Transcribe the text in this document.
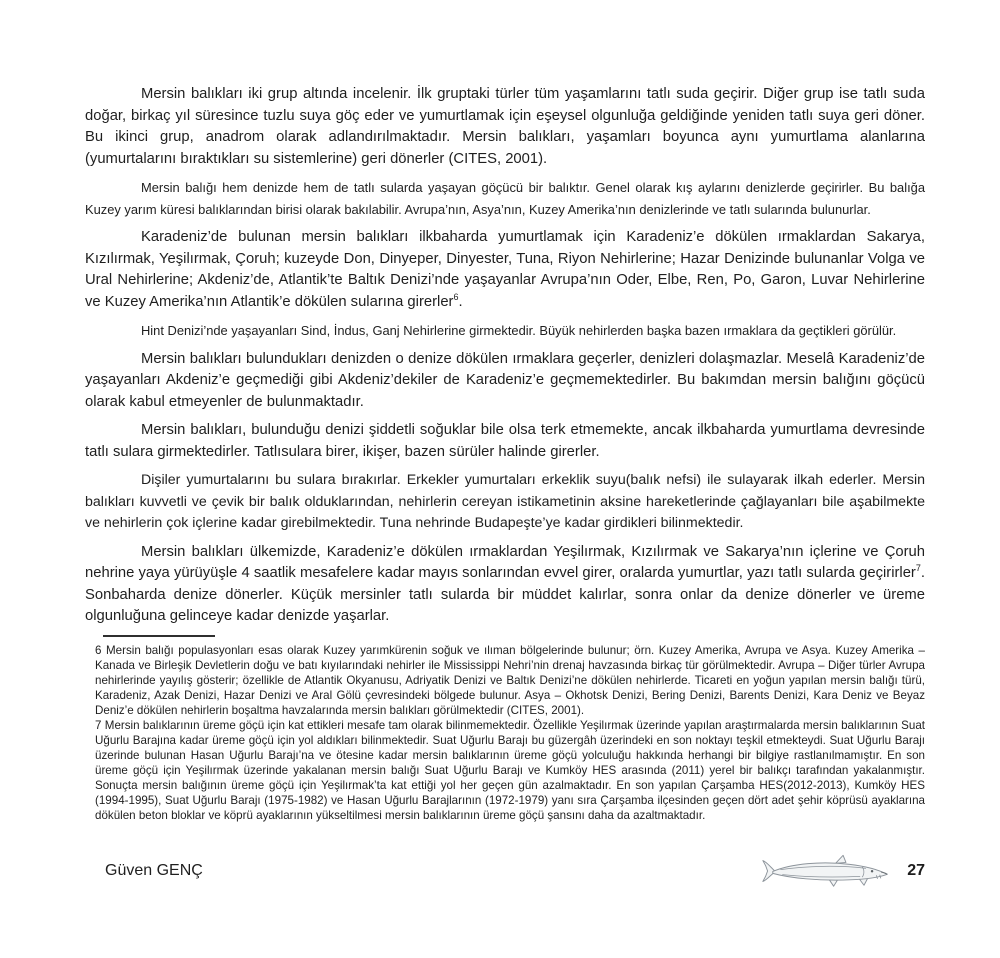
Mersin balıkları iki grup altında incelenir. İlk gruptaki türler tüm yaşamlarını tatlı suda geçirir. Diğer grup ise tatlı suda doğar, birkaç yıl süresince tuzlu suya göç eder ve yumurtlamak için eşeysel olgunluğa geldiğinde yeniden tatlı suya geri döner. Bu ikinci grup, anadrom olarak adlandırılmaktadır. Mersin balıkları, yaşamları boyunca aynı yumurtlama alanlarına (yumurtalarını bıraktıkları su sistemlerine) geri dönerler (CITES, 2001).

Mersin balığı hem denizde hem de tatlı sularda yaşayan göçücü bir balıktır. Genel olarak kış aylarını denizlerde geçirirler. Bu balığa Kuzey yarım küresi balıklarından birisi olarak bakılabilir. Avrupa’nın, Asya’nın, Kuzey Amerika’nın denizlerinde ve tatlı sularında bulunurlar.

Karadeniz’de bulunan mersin balıkları ilkbaharda yumurtlamak için Karadeniz’e dökülen ırmaklardan Sakarya, Kızılırmak, Yeşilırmak, Çoruh; kuzeyde Don, Dinyeper, Dinyester, Tuna, Riyon Nehirlerine; Hazar Denizinde bulunanlar Volga ve Ural Nehirlerine; Akdeniz’de, Atlantik’te Baltık Denizi’nde yaşayanlar Avrupa’nın Oder, Elbe, Ren, Po, Garon, Luvar Nehirlerine ve Kuzey Amerika’nın Atlantik’e dökülen sularına girerler$^6$.

Hint Denizi’nde yaşayanları Sind, İndus, Ganj Nehirlerine girmektedir. Büyük nehirlerden başka bazen ırmaklara da geçtikleri görülür.

Mersin balıkları bulundukları denizden o denize dökülen ırmaklara geçerler, denizleri dolaşmazlar. Meselâ Karadeniz’de yaşayanları Akdeniz’e geçmediği gibi Akdeniz’dekiler de Karadeniz’e geçmemektedirler. Bu bakımdan mersin balığını göçücü olarak kabul etmeyenler de bulunmaktadır.

Mersin balıkları, bulunduğu denizi şiddetli soğuklar bile olsa terk etmemekte, ancak ilkbaharda yumurtlama devresinde tatlı sulara girmektedirler. Tatlısulara birer, ikişer, bazen sürüler halinde girerler.

Dişiler yumurtalarını bu sulara bırakırlar. Erkekler yumurtaları erkeklik suyu(balık nefsi) ile sulayarak ilkah ederler. Mersin balıkları kuvvetli ve çevik bir balık olduklarından, nehirlerin cereyan istikametinin aksine hareketlerinde çağlayanları bile aşabilmekte ve nehirlerin çok içlerine kadar girebilmektedir. Tuna nehrinde Budapeşte’ye kadar girdikleri bilinmektedir.

Mersin balıkları ülkemizde, Karadeniz’e dökülen ırmaklardan Yeşilırmak, Kızılırmak ve Sakarya’nın içlerine ve Çoruh nehrine yaya yürüyüşle 4 saatlik mesafelere kadar mayıs sonlarından evvel girer, oralarda yumurtlar, yazı tatlı sularda geçirirler$^7$. Sonbaharda denize dönerler. Küçük mersinler tatlı sularda bir müddet kalırlar, sonra onlar da denize dönerler ve üreme olgunluğuna gelinceye kadar denizde yaşarlar.

6 Mersin balığı populasyonları esas olarak Kuzey yarımkürenin soğuk ve ılıman bölgelerinde bulunur; örn. Kuzey Amerika, Avrupa ve Asya. Kuzey Amerika – Kanada ve Birleşik Devletlerin doğu ve batı kıyılarındaki nehirler ile Mississippi Nehri’nin drenaj havzasında birkaç tür görülmektedir. Avrupa – Diğer türler Avrupa nehirlerinde yayılış gösterir; özellikle de Atlantik Okyanusu, Adriyatik Denizi ve Baltık Denizi’ne dökülen nehirlerde. Ticareti en yoğun yapılan mersin balığı türü, Karadeniz, Azak Denizi, Hazar Denizi ve Aral Gölü çevresindeki bölgede bulunur. Asya – Okhotsk Denizi, Bering Denizi, Barents Denizi, Kara Deniz ve Beyaz Deniz’e dökülen nehirlerin boşaltma havzalarında mersin balıkları görülmektedir (CITES, 2001).

7 Mersin balıklarının üreme göçü için kat ettikleri mesafe tam olarak bilinmemektedir. Özellikle Yeşilırmak üzerinde yapılan araştırmalarda mersin balıklarının Suat Uğurlu Barajına kadar üreme göçü için yol aldıkları bilinmektedir. Suat Uğurlu Barajı bu güzergâh üzerindeki en son noktayı teşkil etmekteydi. Suat Uğurlu Barajı üzerinde bulunan Hasan Uğurlu Barajı’na ve ötesine kadar mersin balıklarının üreme göçü yolculuğu hakkında herhangi bir bilgiye rastlanılmamıştır. En son üreme göçü için Yeşilırmak üzerinde yakalanan mersin balığı Suat Uğurlu Barajı ve Kumköy HES arasında (2011) yerel bir balıkçı tarafından yakalanmıştır. Sonuçta mersin balığının üreme göçü için Yeşilırmak’ta kat ettiği yol her geçen gün azalmaktadır. En son yapılan Çarşamba HES(2012-2013), Kumköy HES (1994-1995), Suat Uğurlu Barajı (1975-1982) ve Hasan Uğurlu Barajlarının (1972-1979) yanı sıra Çarşamba ilçesinden geçen dört adet şehir köprüsü ayaklarına dökülen beton bloklar ve köprü ayaklarının yükseltilmesi mersin balıklarının üreme göçü şansını daha da azaltmaktadır.

Güven GENÇ	27
